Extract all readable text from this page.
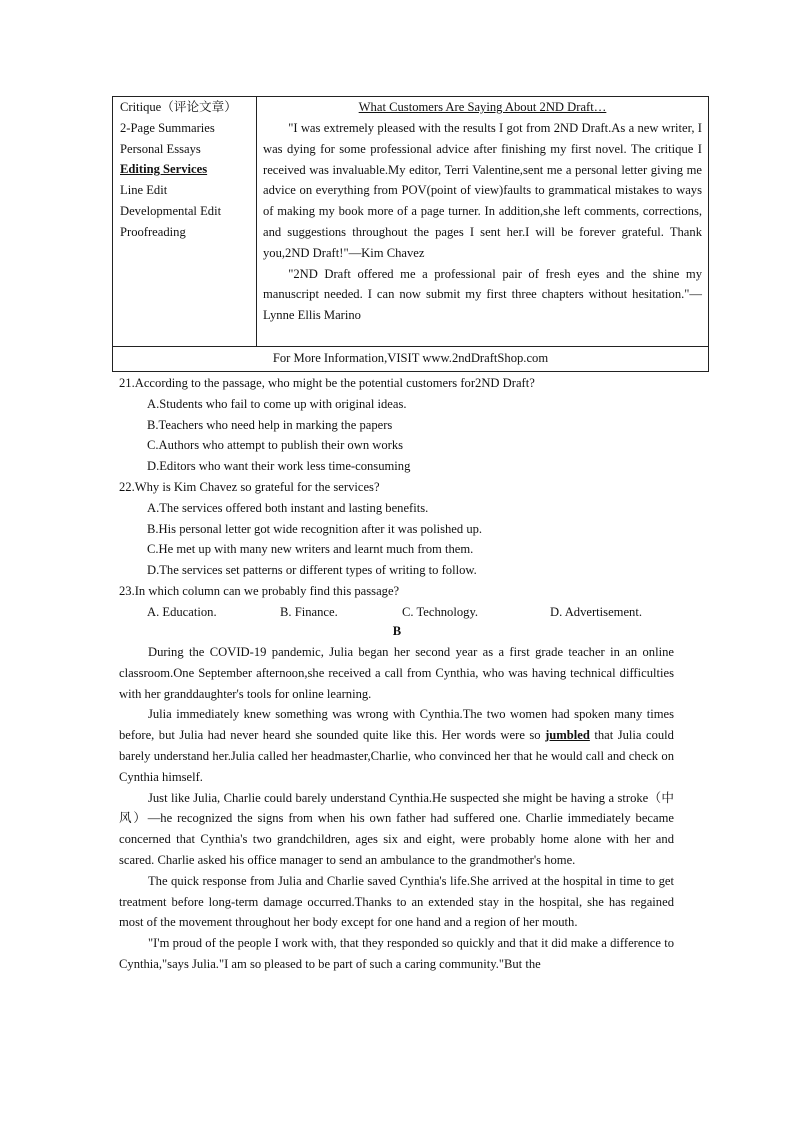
Critique（评论文章）
2-Page Summaries
Personal Essays
Editing Services
Line Edit
Developmental Edit
Proofreading
What Customers Are Saying About 2ND Draft…

"I was extremely pleased with the results I got from 2ND Draft.As a new writer, I was dying for some professional advice after finishing my first novel. The critique I received was invaluable.My editor, Terri Valentine,sent me a personal letter giving me advice on everything from POV(point of view)faults to grammatical mistakes to ways of making my book more of a page turner. In addition,she left comments, corrections, and suggestions throughout the pages I sent her.I will be forever grateful. Thank you,2ND Draft!"—Kim Chavez

"2ND Draft offered me a professional pair of fresh eyes and the shine my manuscript needed. I can now submit my first three chapters without hesitation."—Lynne Ellis Marino

For More Information,VISIT www.2ndDraftShop.com
21.According to the passage, who might be the potential customers for2ND Draft?
A.Students who fail to come up with original ideas.
B.Teachers who need help in marking the papers
C.Authors who attempt to publish their own works
D.Editors who want their work less time-consuming
22.Why is Kim Chavez so grateful for the services?
A.The services offered both instant and lasting benefits.
B.His personal letter got wide recognition after it was polished up.
C.He met up with many new writers and learnt much from them.
D.The services set patterns or different types of writing to follow.
23.In which column can we probably find this passage?
A. Education.	B. Finance.	C. Technology.	D. Advertisement.
B

During the COVID-19 pandemic, Julia began her second year as a first grade teacher in an online classroom.One September afternoon,she received a call from Cynthia, who was having technical difficulties with her granddaughter's tools for online learning.

Julia immediately knew something was wrong with Cynthia.The two women had spoken many times before, but Julia had never heard she sounded quite like this. Her words were so jumbled that Julia could barely understand her.Julia called her headmaster,Charlie, who convinced her that he would call and check on Cynthia himself.

Just like Julia, Charlie could barely understand Cynthia.He suspected she might be having a stroke（中风）—he recognized the signs from when his own father had suffered one. Charlie immediately became concerned that Cynthia's two grandchildren, ages six and eight, were probably home alone with her and scared. Charlie asked his office manager to send an ambulance to the grandmother's home.

The quick response from Julia and Charlie saved Cynthia's life.She arrived at the hospital in time to get treatment before long-term damage occurred.Thanks to an extended stay in the hospital, she has regained most of the movement throughout her body except for one hand and a region of her mouth.

"I'm proud of the people I work with, that they responded so quickly and that it did make a difference to Cynthia,"says Julia."I am so pleased to be part of such a caring community."But the
